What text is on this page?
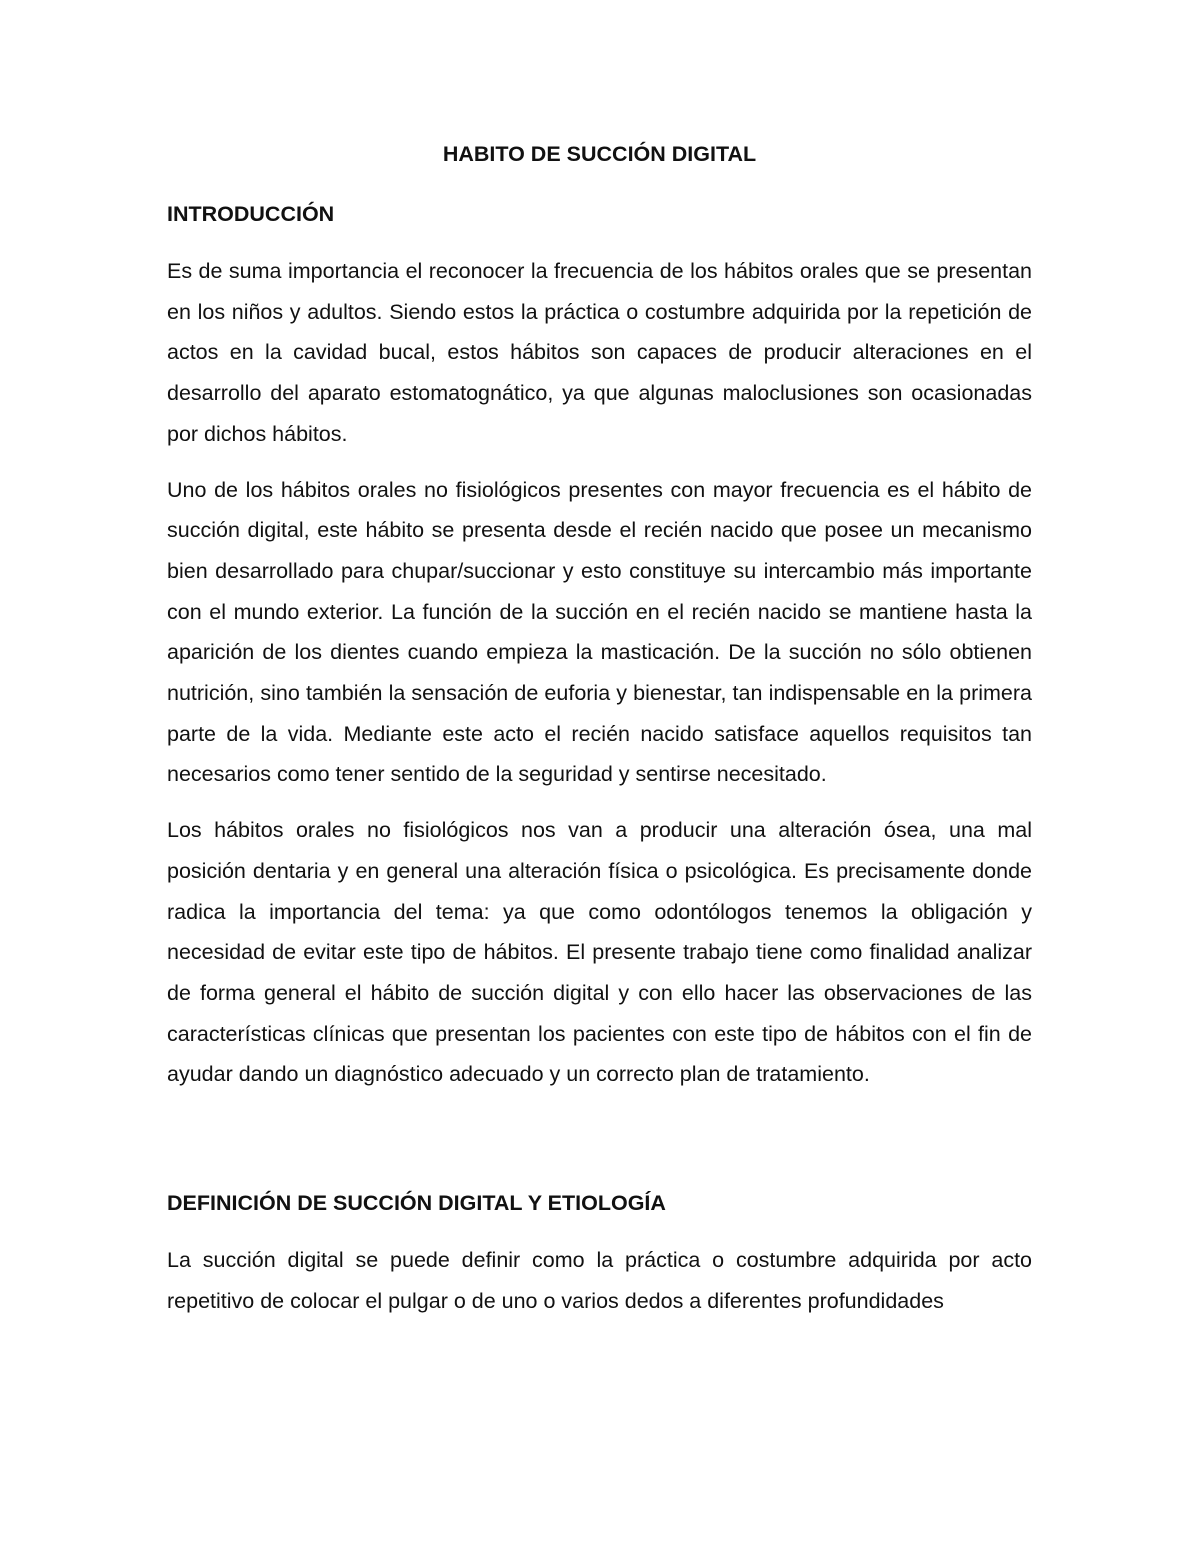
HABITO DE SUCCIÓN DIGITAL
INTRODUCCIÓN

Es de suma importancia el reconocer la frecuencia de los hábitos orales que se presentan en los niños y adultos. Siendo estos la práctica o costumbre adquirida por la repetición de actos en la cavidad bucal, estos hábitos son capaces de producir alteraciones en el desarrollo del aparato estomatognático, ya que algunas maloclusiones son ocasionadas por dichos hábitos.

Uno de los hábitos orales no fisiológicos presentes con mayor frecuencia es el hábito de succión digital, este hábito se presenta desde el recién nacido que posee un mecanismo bien desarrollado para chupar/succionar y esto constituye su intercambio más importante con el mundo exterior. La función de la succión en el recién nacido se mantiene hasta la aparición de los dientes cuando empieza la masticación. De la succión no sólo obtienen nutrición, sino también la sensación de euforia y bienestar, tan indispensable en la primera parte de la vida. Mediante este acto el recién nacido satisface aquellos requisitos tan necesarios como tener sentido de la seguridad y sentirse necesitado.

Los hábitos orales no fisiológicos nos van a producir una alteración ósea, una mal posición dentaria y en general una alteración física o psicológica. Es precisamente donde radica la importancia del tema: ya que como odontólogos tenemos la obligación y necesidad de evitar este tipo de hábitos. El presente trabajo tiene como finalidad analizar de forma general el hábito de succión digital y con ello hacer las observaciones de las características clínicas que presentan los pacientes con este tipo de hábitos con el fin de ayudar dando un diagnóstico adecuado y un correcto plan de tratamiento.

DEFINICIÓN DE SUCCIÓN DIGITAL Y ETIOLOGÍA

La succión digital se puede definir como la práctica o costumbre adquirida por acto repetitivo de colocar el pulgar o de uno o varios dedos a diferentes profundidades
